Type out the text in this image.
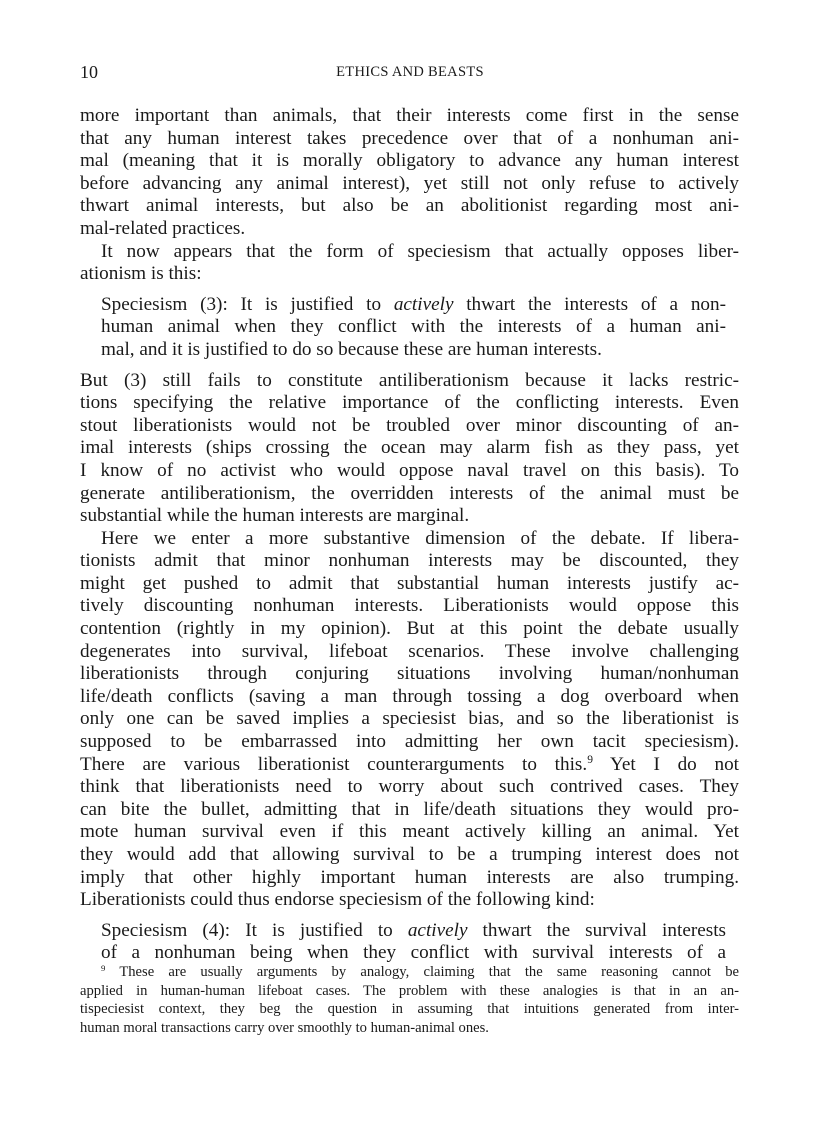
10	ETHICS AND BEASTS
more important than animals, that their interests come first in the sense
that any human interest takes precedence over that of a nonhuman ani-
mal (meaning that it is morally obligatory to advance any human interest
before advancing any animal interest), yet still not only refuse to actively
thwart animal interests, but also be an abolitionist regarding most ani-
mal-related practices.
It now appears that the form of speciesism that actually opposes liber-
ationism is this:
Speciesism (3): It is justified to actively thwart the interests of a non-
human animal when they conflict with the interests of a human ani-
mal, and it is justified to do so because these are human interests.
But (3) still fails to constitute antiliberationism because it lacks restric-
tions specifying the relative importance of the conflicting interests. Even
stout liberationists would not be troubled over minor discounting of an-
imal interests (ships crossing the ocean may alarm fish as they pass, yet
I know of no activist who would oppose naval travel on this basis). To
generate antiliberationism, the overridden interests of the animal must be
substantial while the human interests are marginal.
Here we enter a more substantive dimension of the debate. If libera-
tionists admit that minor nonhuman interests may be discounted, they
might get pushed to admit that substantial human interests justify ac-
tively discounting nonhuman interests. Liberationists would oppose this
contention (rightly in my opinion). But at this point the debate usually
degenerates into survival, lifeboat scenarios. These involve challenging
liberationists through conjuring situations involving human/nonhuman
life/death conflicts (saving a man through tossing a dog overboard when
only one can be saved implies a speciesist bias, and so the liberationist is
supposed to be embarrassed into admitting her own tacit speciesism).
There are various liberationist counterarguments to this.$^9$ Yet I do not
think that liberationists need to worry about such contrived cases. They
can bite the bullet, admitting that in life/death situations they would pro-
mote human survival even if this meant actively killing an animal. Yet
they would add that allowing survival to be a trumping interest does not
imply that other highly important human interests are also trumping.
Liberationists could thus endorse speciesism of the following kind:
Speciesism (4): It is justified to actively thwart the survival interests
of a nonhuman being when they conflict with survival interests of a
$^9$ These are usually arguments by analogy, claiming that the same reasoning cannot be
applied in human-human lifeboat cases. The problem with these analogies is that in an an-
tispeciesist context, they beg the question in assuming that intuitions generated from inter-
human moral transactions carry over smoothly to human-animal ones.
